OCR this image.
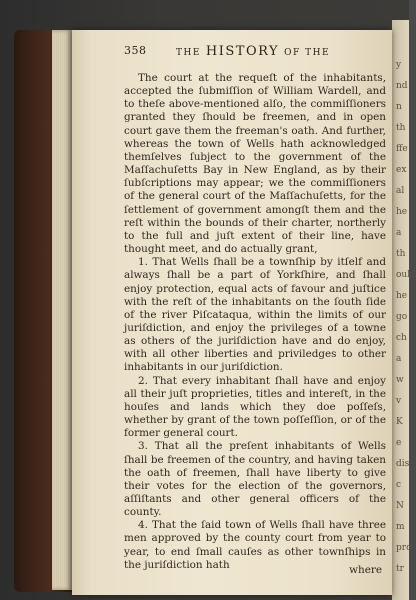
y
nd
n
th
ffe
ex
al
he
a
th
ould
he
go
ch
a
w
v
K
e
dis
c
N
m
pro
tr
358	THE HISTORY OF THE

The court at the requeſt of the inhabitants, accepted the ſubmiſſion of William Wardell, and to theſe above-mentioned alſo, the commiſſioners granted they ſhould be freemen, and in open court gave them the freeman's oath. And further, whereas the town of Wells hath acknowledged themſelves ſubject to the government of the Maſſachuſetts Bay in New England, as by their ſubſcriptions may appear; we the commiſſioners of the general court of the Maſſachuſetts, for the ſettlement of government amongſt them and the reſt within the bounds of their charter, northerly to the full and juſt extent of their line, have thought meet, and do actually grant,

1. That Wells ſhall be a townſhip by itſelf and always ſhall be a part of Yorkſhire, and ſhall enjoy protection, equal acts of favour and juſtice with the reſt of the inhabitants on the ſouth ſide of the river Piſcataqua, within the limits of our juriſdiction, and enjoy the privileges of a towne as others of the juriſdiction have and do enjoy, with all other liberties and priviledges to other inhabitants in our juriſdiction.

2. That every inhabitant ſhall have and enjoy all their juſt proprieties, titles and intereſt, in the houſes and lands which they doe poſſeſs, whether by grant of the town poſſeſſion, or of the former general court.

3. That all the preſent inhabitants of Wells ſhall be freemen of the country, and having taken the oath of freemen, ſhall have liberty to give their votes for the election of the governors, aſſiſtants and other general officers of the county.

4. That the ſaid town of Wells ſhall have three men approved by the county court from year to year, to end ſmall cauſes as other townſhips in the juriſdiction hath	where
